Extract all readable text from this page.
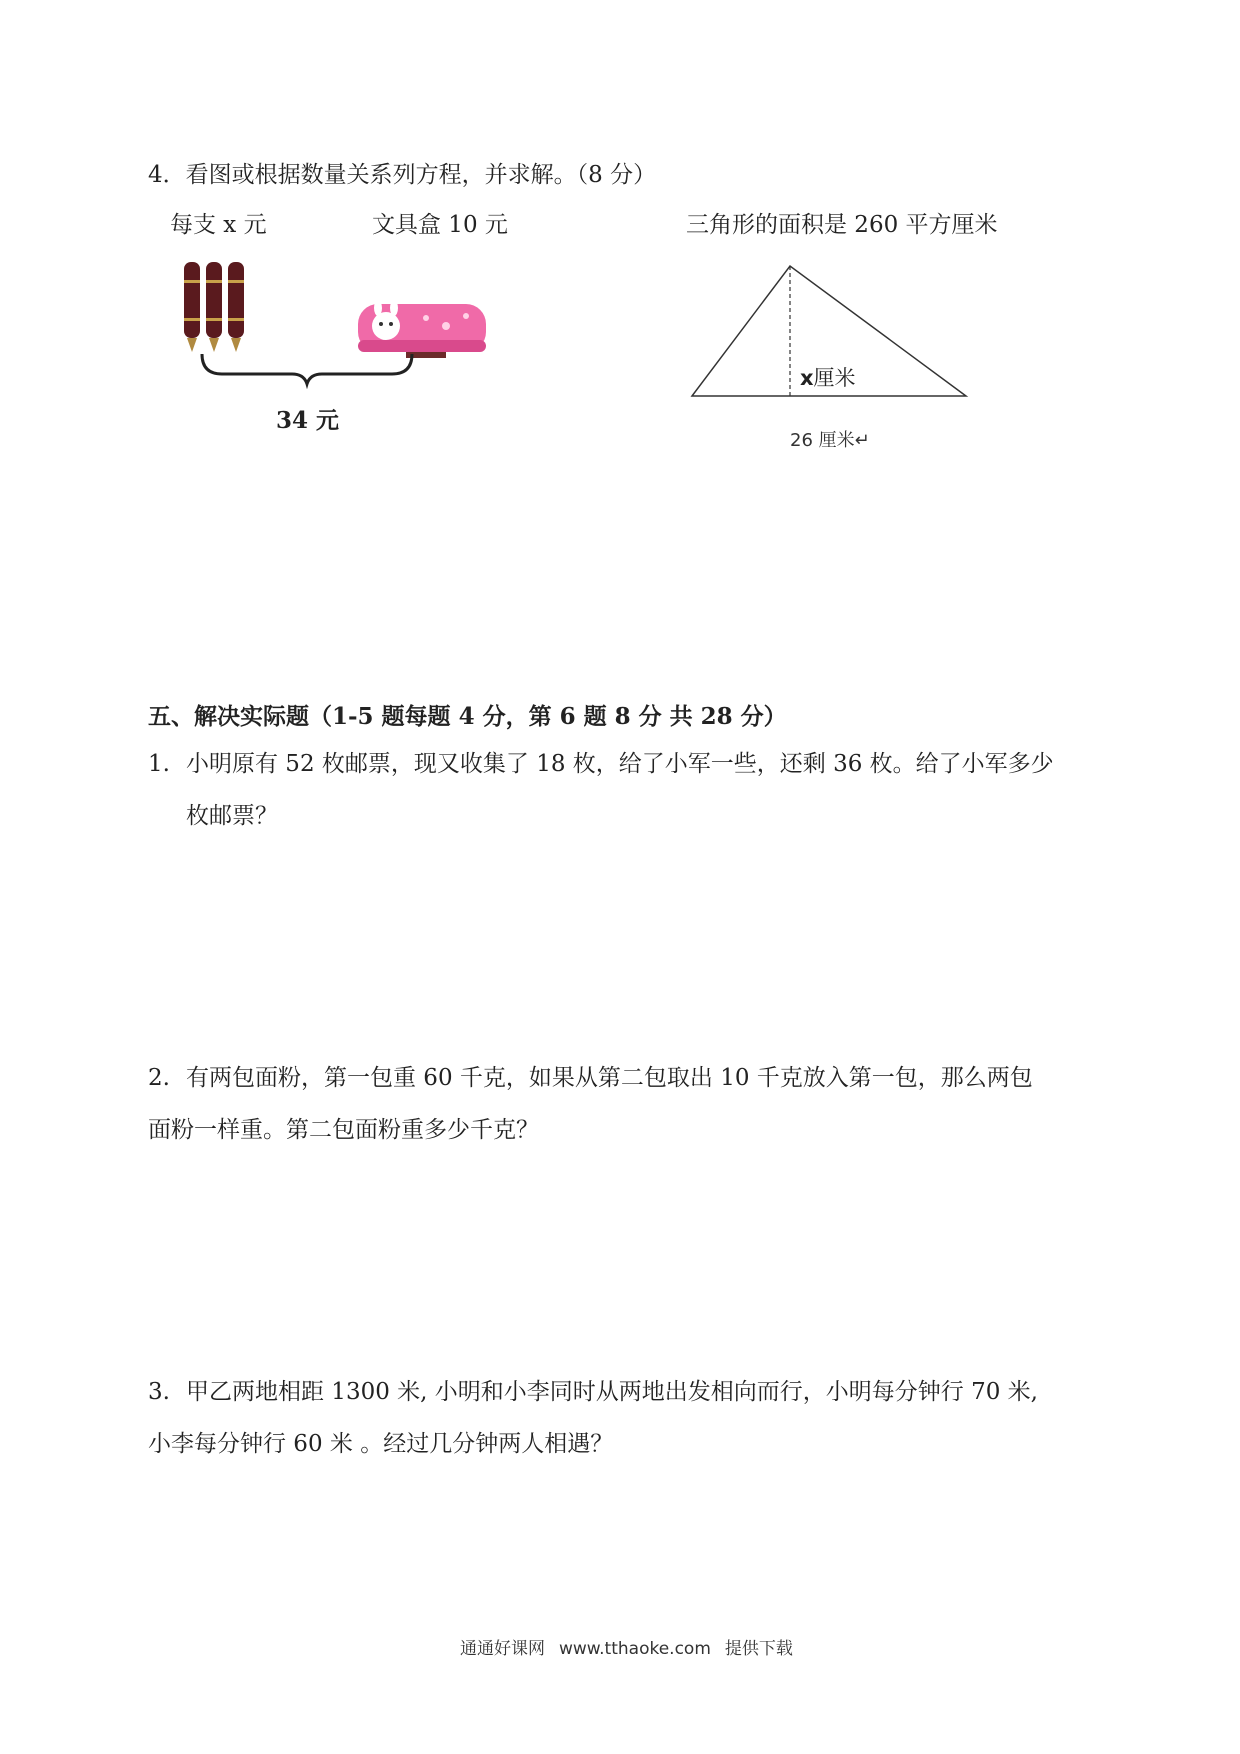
4．看图或根据数量关系列方程，并求解。（8 分）
每支 x 元	文具盒 10 元	三角形的面积是 260 平方厘米
34 元
x厘米
26 厘米↵
五、解决实际题（1-5 题每题 4 分，第 6 题 8 分 共 28 分）
1. 小明原有 52 枚邮票，现又收集了 18 枚，给了小军一些，还剩 36 枚。给了小军多少
枚邮票？
2. 有两包面粉，第一包重 60 千克，如果从第二包取出 10 千克放入第一包，那么两包
面粉一样重。第二包面粉重多少千克？
3. 甲乙两地相距 1300 米, 小明和小李同时从两地出发相向而行，小明每分钟行 70 米,
小李每分钟行 60 米 。经过几分钟两人相遇？
通通好课网 www.tthaoke.com 提供下载
